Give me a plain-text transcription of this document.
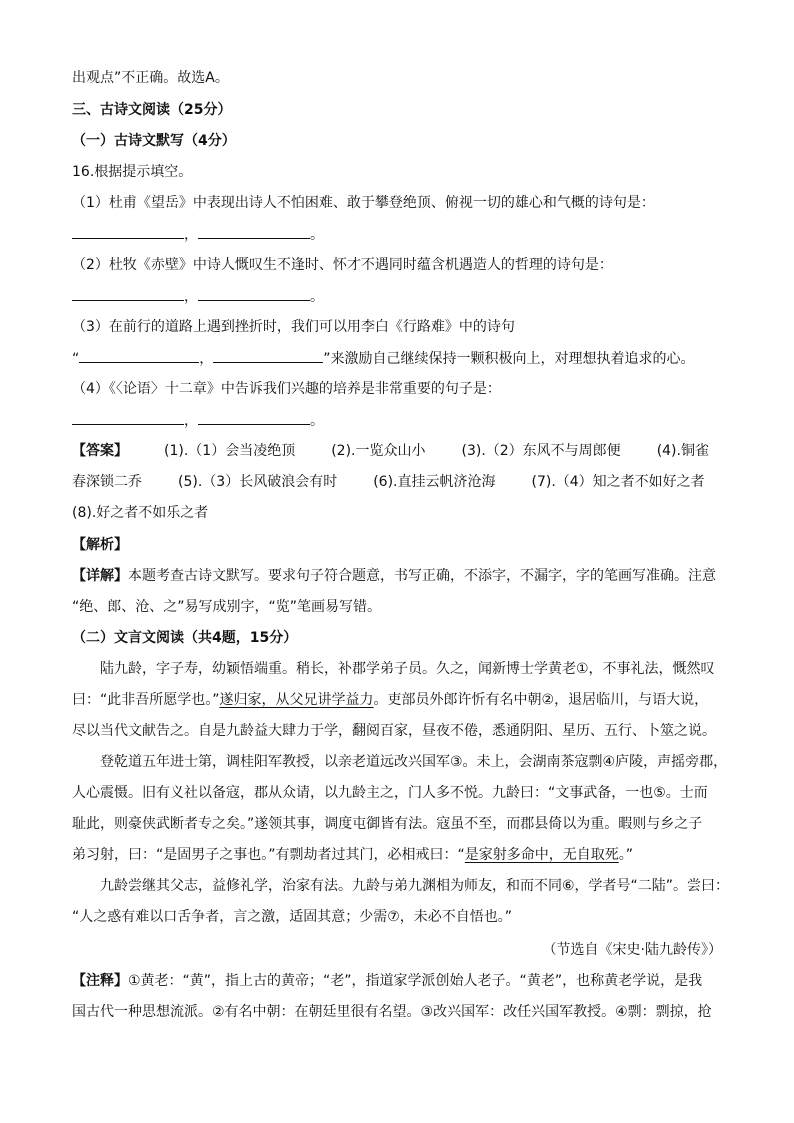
出观点”不正确。故选A。
三、古诗文阅读（25分）
（一）古诗文默写（4分）
16.根据提示填空。
（1）杜甫《望岳》中表现出诗人不怕困难、敢于攀登绝顶、俯视一切的雄心和气概的诗句是：
，	。
（2）杜牧《赤壁》中诗人慨叹生不逢时、怀才不遇同时蕴含机遇造人的哲理的诗句是：
，	。
（3）在前行的道路上遇到挫折时，我们可以用李白《行路难》中的诗句
“	，	”来激励自己继续保持一颗积极向上，对理想执着追求的心。
（4）《〈论语〉十二章》中告诉我们兴趣的培养是非常重要的句子是：
，	。
【答案】	(1).（1）会当凌绝顶	(2).一览众山小	(3).（2）东风不与周郎便	(4).铜雀
春深锁二乔	(5).（3）长风破浪会有时	(6).直挂云帆济沧海	(7).（4）知之者不如好之者
(8).好之者不如乐之者
【解析】
【详解】本题考查古诗文默写。要求句子符合题意，书写正确，不添字，不漏字，字的笔画写准确。注意
“绝、郎、沧、之”易写成别字，“览”笔画易写错。
（二）文言文阅读（共4题，15分）
陆九龄，字子寿，幼颖悟端重。稍长，补郡学弟子员。久之，闻新博士学黄老①，不事礼法，慨然叹
曰：“此非吾所愿学也。”遂归家，从父兄讲学益力。吏部员外郎许忻有名中朝②，退居临川，与语大说，
尽以当代文献告之。自是九龄益大肆力于学，翻阅百家，昼夜不倦，悉通阴阳、星历、五行、卜筮之说。
登乾道五年进士第，调桂阳军教授，以亲老道远改兴国军③。未上，会湖南茶寇剽④庐陵，声摇旁郡，
人心震慑。旧有义社以备寇，郡从众请，以九龄主之，门人多不悦。九龄曰：“文事武备，一也⑤。士而
耻此，则豪侠武断者专之矣。”遂领其事，调度屯御皆有法。寇虽不至，而郡县倚以为重。暇则与乡之子
弟习射，曰：“是固男子之事也。”有剽劫者过其门，必相戒曰：“是家射多命中，无自取死。”
九龄尝继其父志，益修礼学，治家有法。九龄与弟九渊相为师友，和而不同⑥，学者号“二陆”。尝曰：
“人之惑有难以口舌争者，言之激，适固其意；少需⑦，未必不自悟也。”
（节选自《宋史·陆九龄传》）
【注释】①黄老：“黄”，指上古的黄帝；“老”，指道家学派创始人老子。“黄老”，也称黄老学说，是我
国古代一种思想流派。②有名中朝：在朝廷里很有名望。③改兴国军：改任兴国军教授。④剽：剽掠，抢
